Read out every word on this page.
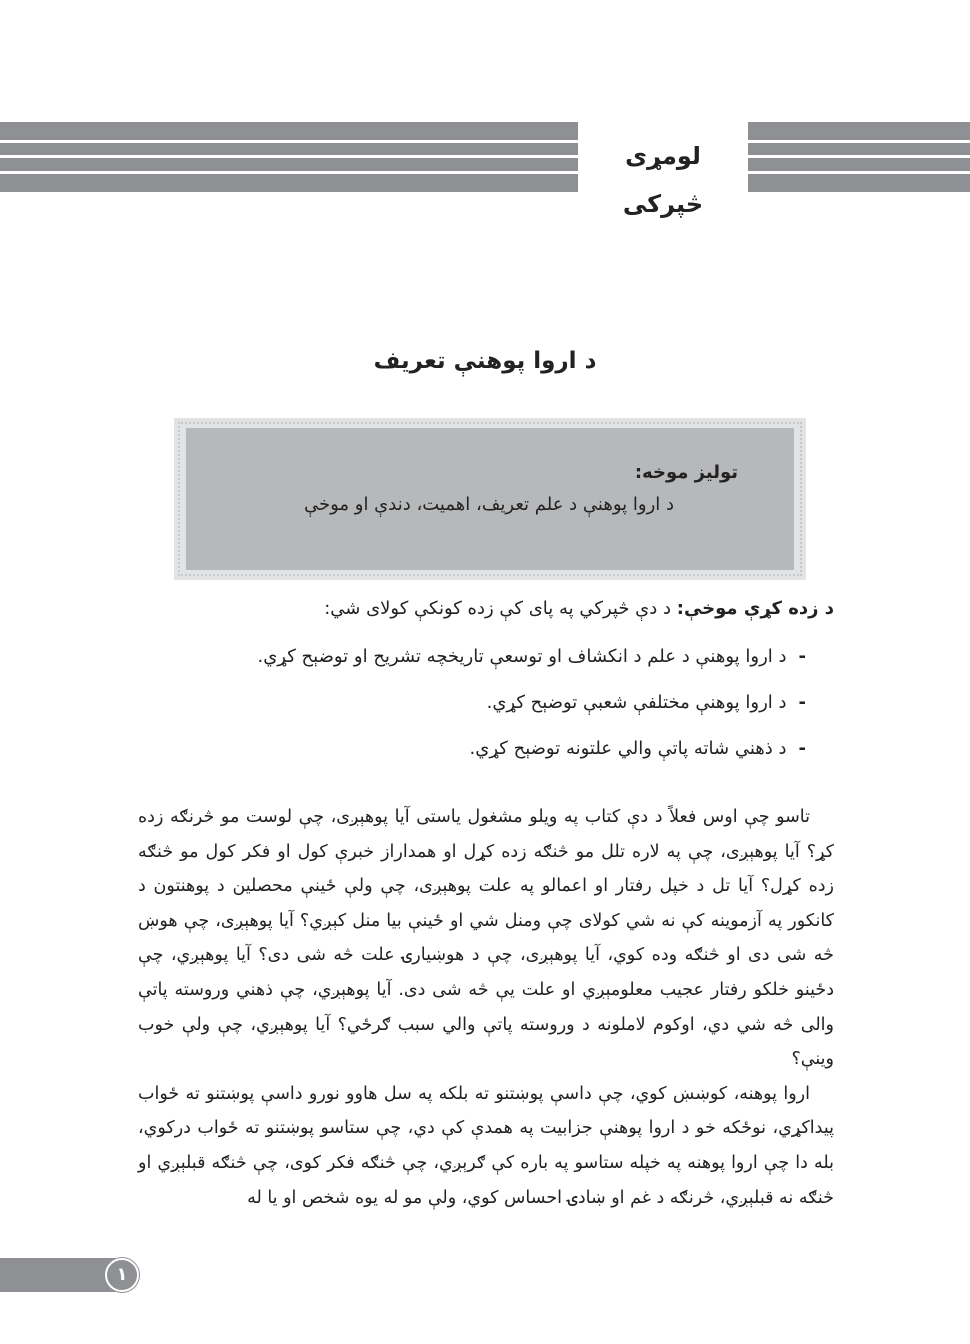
لومړی څپرکی
د اروا پوهنې تعریف
تولیز موخه:
د اروا پوهنې د علم تعریف، اهمیت، دندې او موخې
د زده کړې موخې: د دې څپرکي په پای کې زده کونکې کولای شي:
-د اروا پوهنې د علم د انکشاف او توسعې تاریخچه تشریح او توضېح کړي.
-د اروا پوهنې مختلفې شعبې توضېح کړي.
-د ذهني شاته پاتې والي علتونه توضېح کړي.

تاسو چې اوس فعلاً د دې کتاب په ویلو مشغول یاستی آیا پوهېږی، چې لوست مو څرنګه زده کړ؟ آیا پوهېږی، چې په لاره تلل مو څنګه زده کړل او همداراز خبرې کول او فکر کول مو څنګه زده کړل؟ آیا تل د خپل رفتار او اعمالو په علت پوهېږی، چې ولې ځینې محصلین د پوهنتون د کانکور په آزموینه کې نه شي کولای چې ومنل شي او ځینې بیا منل کېږي؟ آیا پوهېږی، چې هوښ څه شی دی او څنګه وده کوي، آیا پوهېږی، چې د هوښیارۍ علت څه شی دی؟ آیا پوهېږي، چې دځینو خلکو رفتار عجیب معلومېږي او علت یې څه شی دی. آیا پوهېږي، چې ذهني وروسته پاتې والی څه شي دي، اوکوم لاملونه د وروسته پاتې والي سبب ګرځي؟ آیا پوهېږي، چې ولې خوب وینې؟

اروا پوهنه، کوښښ کوي، چې داسې پوښتنو ته بلکه په سل هاوو نورو داسې پوښتنو ته ځواب پیداکړي، نوځکه خو د اروا پوهنې جزابیت په همدې کې دي، چې ستاسو پوښتنو ته ځواب درکوي، بله دا چې اروا پوهنه په خپله ستاسو په باره کې ګرېږي، چې څنګه فکر کوی، چې څنګه قبلېږي او څنګه نه قبلېږي، څرنګه د غم او ښادۍ احساس کوي، ولې مو له یوه شخص او یا له

١
